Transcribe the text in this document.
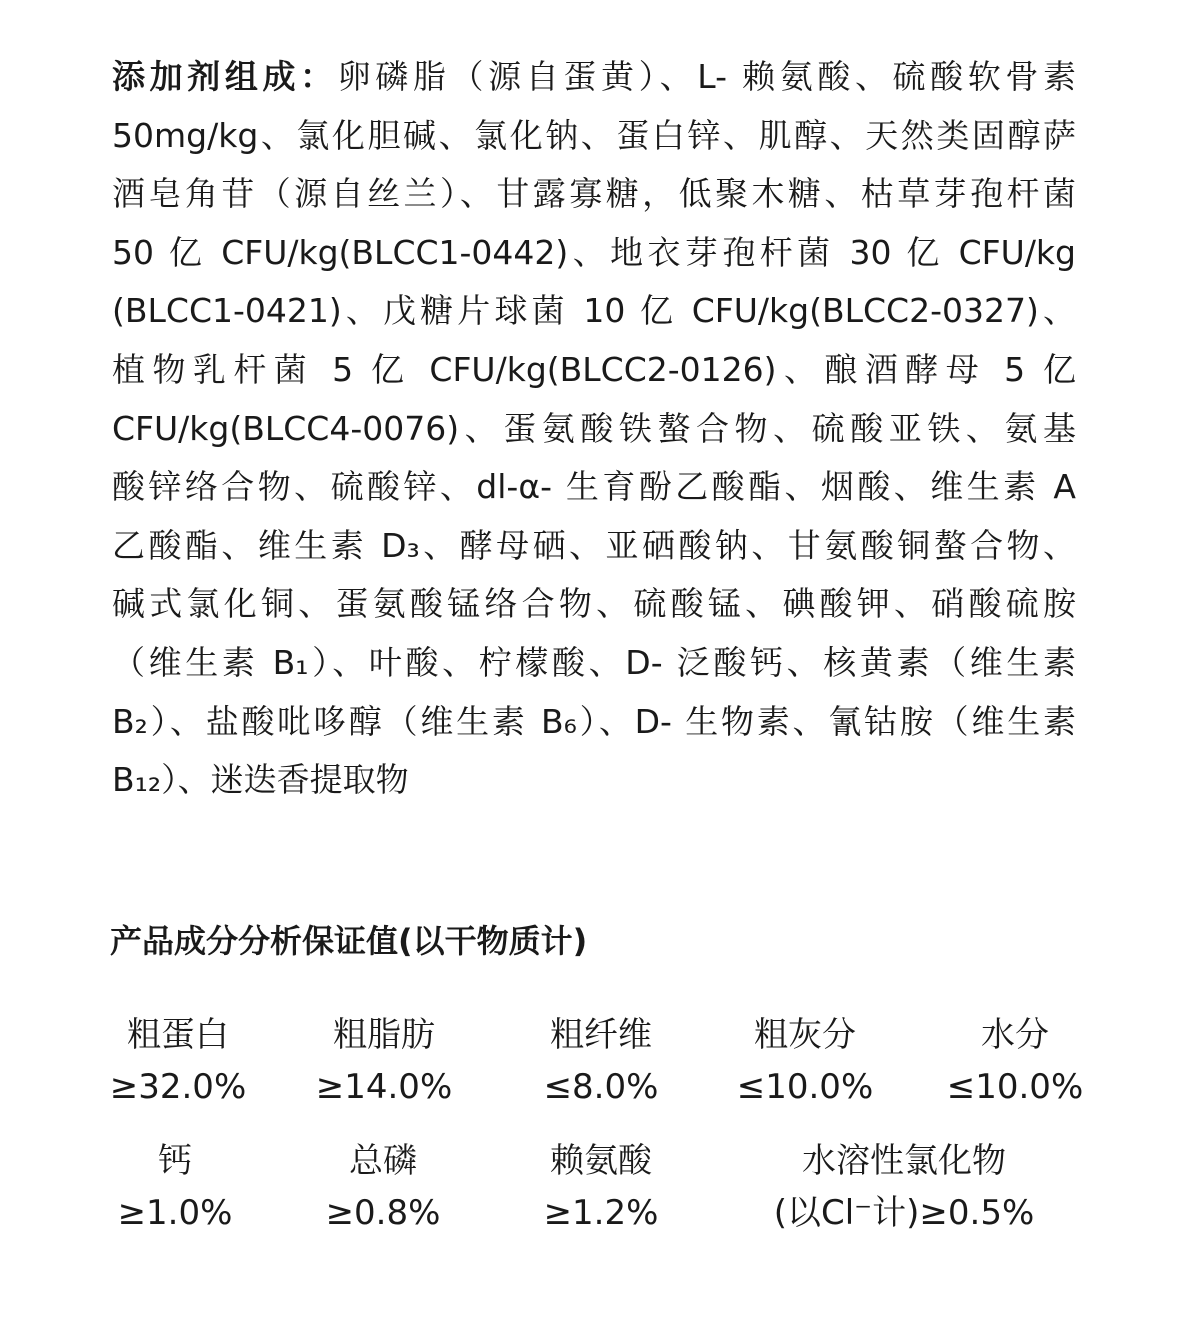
添加剂组成：卵磷脂（源自蛋黄）、L- 赖氨酸、硫酸软骨素
50mg/kg、氯化胆碱、氯化钠、蛋白锌、肌醇、天然类固醇萨
酒皂角苷（源自丝兰）、甘露寡糖，低聚木糖、枯草芽孢杆菌
50 亿 CFU/kg(BLCC1-0442)、地衣芽孢杆菌 30 亿 CFU/kg
(BLCC1-0421)、戊糖片球菌 10 亿 CFU/kg(BLCC2-0327)、
植物乳杆菌 5 亿 CFU/kg(BLCC2-0126)、酿酒酵母 5 亿
CFU/kg(BLCC4-0076)、蛋氨酸铁螯合物、硫酸亚铁、氨基
酸锌络合物、硫酸锌、dl-α- 生育酚乙酸酯、烟酸、维生素 A
乙酸酯、维生素 D₃、酵母硒、亚硒酸钠、甘氨酸铜螯合物、
碱式氯化铜、蛋氨酸锰络合物、硫酸锰、碘酸钾、硝酸硫胺
（维生素 B₁）、叶酸、柠檬酸、D- 泛酸钙、核黄素（维生素
B₂）、盐酸吡哆醇（维生素 B₆）、D- 生物素、氰钴胺（维生素
B₁₂）、迷迭香提取物
产品成分分析保证值(以干物质计)
粗蛋白
≥32.0%
粗脂肪
≥14.0%
粗纤维
≤8.0%
粗灰分
≤10.0%
水分
≤10.0%
钙
≥1.0%
总磷
≥0.8%
赖氨酸
≥1.2%
水溶性氯化物
(以Cl⁻计)≥0.5%
